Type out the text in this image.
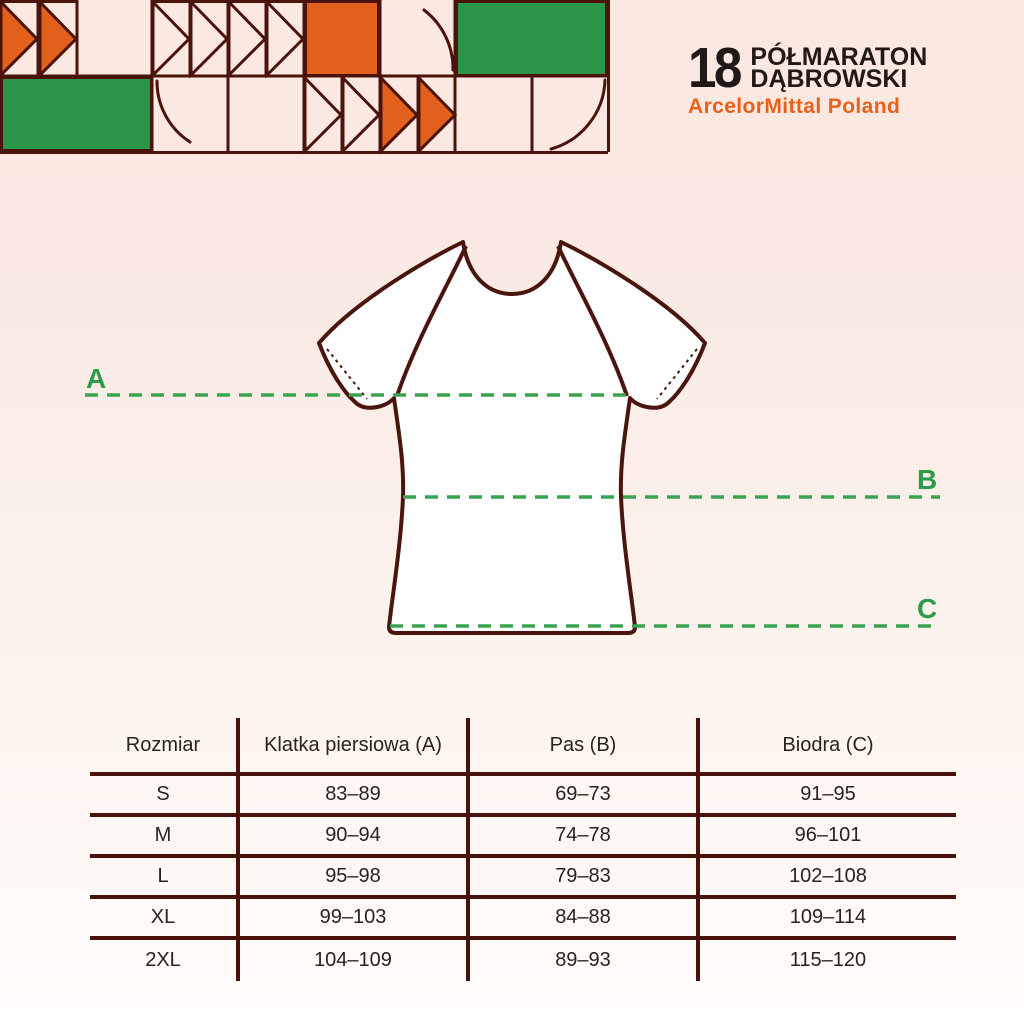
18 PÓŁMARATON
DĄBROWSKI
ArcelorMittal Poland
A
B
C
Rozmiar	Klatka piersiowa (A)	Pas (B)	Biodra (C)
S	83–89	69–73	91–95
M	90–94	74–78	96–101
L	95–98	79–83	102–108
XL	99–103	84–88	109–114
2XL	104–109	89–93	115–120
